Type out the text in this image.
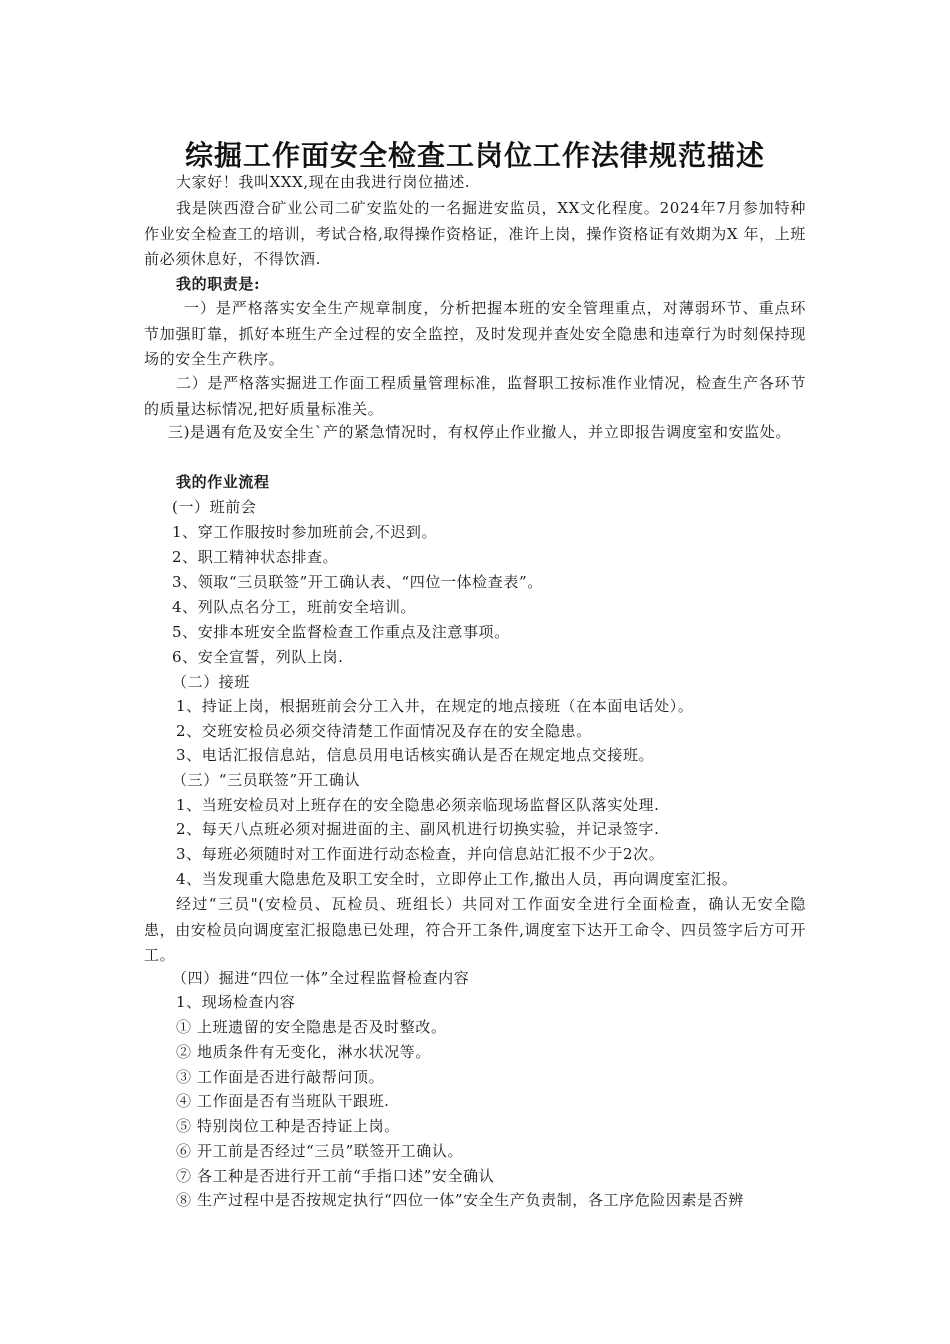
综掘工作面安全检查工岗位工作法律规范描述

大家好！我叫XXX,现在由我进行岗位描述.

我是陕西澄合矿业公司二矿安监处的一名掘进安监员，XX文化程度。2024年7月参加特种作业安全检查工的培训，考试合格,取得操作资格证，准许上岗，操作资格证有效期为X 年，上班前必须休息好，不得饮酒.

我的职责是:

一）是严格落实安全生产规章制度，分析把握本班的安全管理重点，对薄弱环节、重点环节加强盯靠，抓好本班生产全过程的安全监控，及时发现并查处安全隐患和违章行为时刻保持现场的安全生产秩序。

二）是严格落实掘进工作面工程质量管理标准，监督职工按标准作业情况，检查生产各环节的质量达标情况,把好质量标准关。

三)是遇有危及安全生`产的紧急情况时，有权停止作业撤人，并立即报告调度室和安监处。

我的作业流程

(一）班前会

1、穿工作服按时参加班前会,不迟到。

2、职工精神状态排查。

3、领取“三员联签”开工确认表、“四位一体检查表”。

4、列队点名分工，班前安全培训。

5、安排本班安全监督检查工作重点及注意事项。

6、安全宣誓，列队上岗.

（二）接班

1、持证上岗，根据班前会分工入井，在规定的地点接班（在本面电话处）。

2、交班安检员必须交待清楚工作面情况及存在的安全隐患。

3、电话汇报信息站，信息员用电话核实确认是否在规定地点交接班。

（三）“三员联签”开工确认

1、当班安检员对上班存在的安全隐患必须亲临现场监督区队落实处理.

2、每天八点班必须对掘进面的主、副风机进行切换实验，并记录签字.

3、每班必须随时对工作面进行动态检查，并向信息站汇报不少于2次。

4、当发现重大隐患危及职工安全时，立即停止工作,撤出人员，再向调度室汇报。

经过“三员"(安检员、瓦检员、班组长）共同对工作面安全进行全面检查，确认无安全隐患，由安检员向调度室汇报隐患已处理，符合开工条件,调度室下达开工命令、四员签字后方可开工。

（四）掘进“四位一体”全过程监督检查内容

1、现场检查内容

① 上班遗留的安全隐患是否及时整改。

② 地质条件有无变化，淋水状况等。

③ 工作面是否进行敲帮问顶。

④ 工作面是否有当班队干跟班.

⑤ 特别岗位工种是否持证上岗。

⑥ 开工前是否经过“三员”联签开工确认。

⑦ 各工种是否进行开工前“手指口述”安全确认

⑧ 生产过程中是否按规定执行“四位一体”安全生产负责制，各工序危险因素是否辨
